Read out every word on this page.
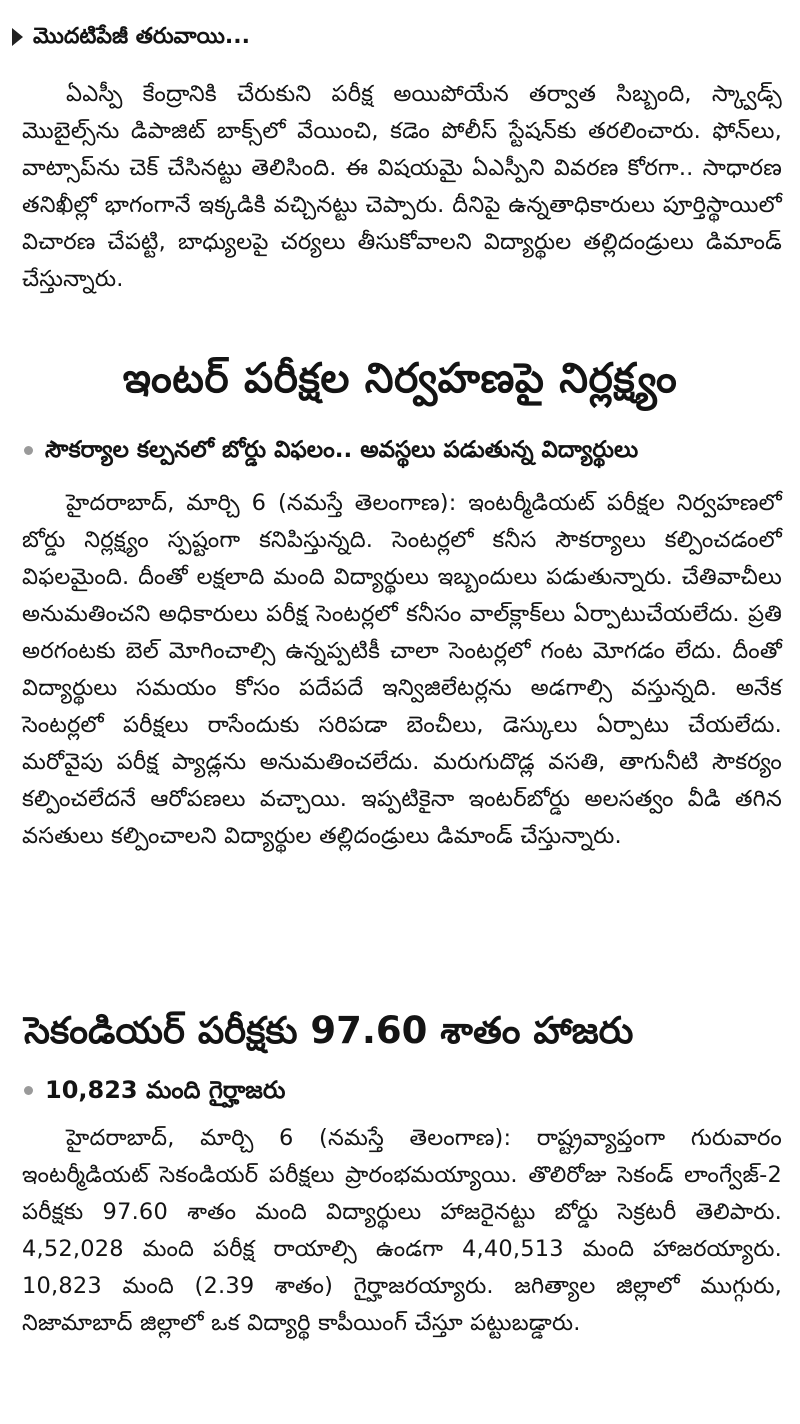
మొదటిపేజీ తరువాయి...

ఏఎస్పీ కేంద్రానికి చేరుకుని పరీక్ష అయిపోయేన తర్వాత సిబ్బంది, స్క్వాడ్స్ మొబైల్స్‌ను డిపాజిట్ బాక్స్‌లో వేయించి, కడెం పోలీస్ స్టేషన్‌కు తరలించారు. ఫోన్‌లు, వాట్సాప్‌ను చెక్ చేసినట్టు తెలిసింది. ఈ విషయమై ఏఎస్పీని వివరణ కోరగా.. సాధారణ తనిఖీల్లో భాగంగానే ఇక్కడికి వచ్చినట్టు చెప్పారు. దీనిపై ఉన్నతాధికారులు పూర్తిస్థాయిలో విచారణ చేపట్టి, బాధ్యులపై చర్యలు తీసుకోవాలని విద్యార్థుల తల్లిదండ్రులు డిమాండ్ చేస్తున్నారు.

ఇంటర్ పరీక్షల నిర్వహణపై నిర్లక్ష్యం
సౌకర్యాల కల్పనలో బోర్డు విఫలం.. అవస్థలు పడుతున్న విద్యార్థులు

హైదరాబాద్, మార్చి 6 (నమస్తే తెలంగాణ): ఇంటర్మీడియట్ పరీక్షల నిర్వహణలో బోర్డు నిర్లక్ష్యం స్పష్టంగా కనిపిస్తున్నది. సెంటర్లలో కనీస సౌకర్యాలు కల్పించడంలో విఫలమైంది. దీంతో లక్షలాది మంది విద్యార్థులు ఇబ్బందులు పడుతున్నారు. చేతివాచీలు అనుమతించని అధికారులు పరీక్ష సెంటర్లలో కనీసం వాల్‌క్లాక్‌లు ఏర్పాటుచేయలేదు. ప్రతి అరగంటకు బెల్ మోగించాల్సి ఉన్నప్పటికీ చాలా సెంటర్లలో గంట మోగడం లేదు. దీంతో విద్యార్థులు సమయం కోసం పదేపదే ఇన్విజిలేటర్లను అడగాల్సి వస్తున్నది. అనేక సెంటర్లలో పరీక్షలు రాసేందుకు సరిపడా బెంచీలు, డెస్కులు ఏర్పాటు చేయలేదు. మరోవైపు పరీక్ష ప్యాడ్లను అనుమతించలేదు. మరుగుదొడ్ల వసతి, తాగునీటి సౌకర్యం కల్పించలేదనే ఆరోపణలు వచ్చాయి. ఇప్పటికైనా ఇంటర్‌బోర్డు అలసత్వం వీడి తగిన వసతులు కల్పించాలని విద్యార్థుల తల్లిదండ్రులు డిమాండ్ చేస్తున్నారు.

సెకండియర్ పరీక్షకు 97.60 శాతం హాజరు
10,823 మంది గైర్హాజరు

హైదరాబాద్, మార్చి 6 (నమస్తే తెలంగాణ): రాష్ట్రవ్యాప్తంగా గురువారం ఇంటర్మీడియట్ సెకండియర్ పరీక్షలు ప్రారంభమయ్యాయి. తొలిరోజు సెకండ్ లాంగ్వేజ్-2 పరీక్షకు 97.60 శాతం మంది విద్యార్థులు హాజరైనట్టు బోర్డు సెక్రటరీ తెలిపారు. 4,52,028 మంది పరీక్ష రాయాల్సి ఉండగా 4,40,513 మంది హాజరయ్యారు. 10,823 మంది (2.39 శాతం) గైర్హాజరయ్యారు. జగిత్యాల జిల్లాలో ముగ్గురు, నిజామాబాద్ జిల్లాలో ఒక విద్యార్థి కాపీయింగ్ చేస్తూ పట్టుబడ్డారు.
